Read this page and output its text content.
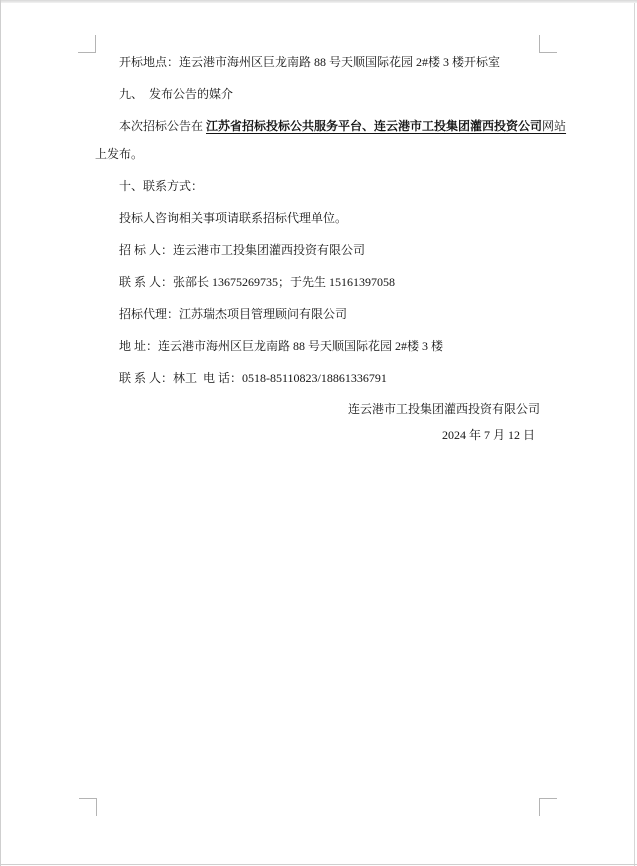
开标地点：连云港市海州区巨龙南路 88 号天顺国际花园 2#楼 3 楼开标室

九、　发布公告的媒介

本次招标公告在 江苏省招标投标公共服务平台、连云港市工投集团灌西投资公司网站
上发布。

十、联系方式：

投标人咨询相关事项请联系招标代理单位。

招 标 人：连云港市工投集团灌西投资有限公司

联 系 人：张部长 13675269735；于先生 15161397058

招标代理：江苏瑞杰项目管理顾问有限公司

地 址：连云港市海州区巨龙南路 88 号天顺国际花园 2#楼 3 楼

联 系 人：林工  电 话：0518-85110823/18861336791

连云港市工投集团灌西投资有限公司

2024 年 7 月 12 日
